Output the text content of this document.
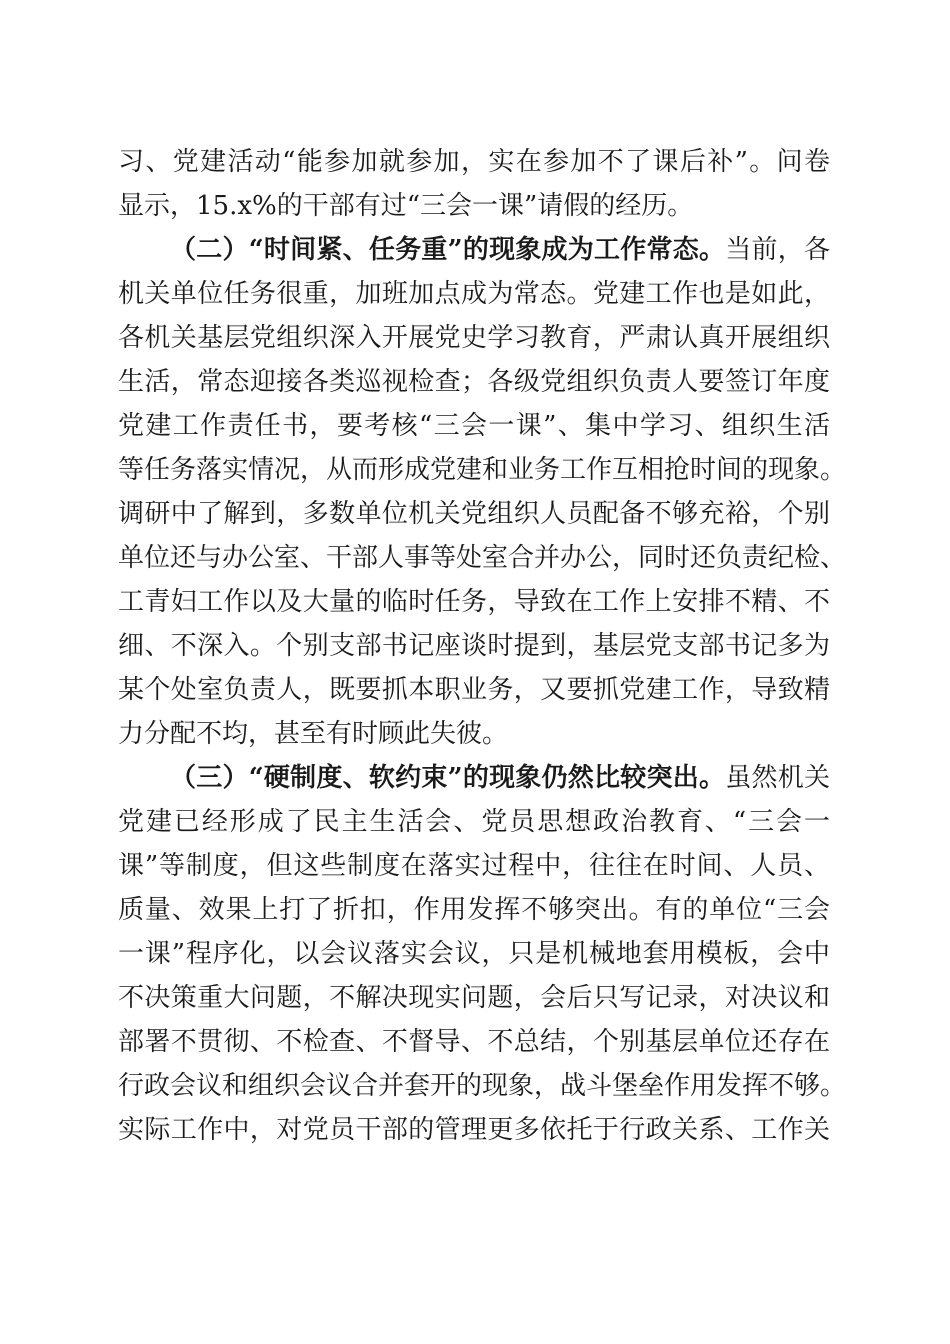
习、党建活动“能参加就参加，实在参加不了课后补”。问卷
显示，15.x%的干部有过“三会一课”请假的经历。
（二）“时间紧、任务重”的现象成为工作常态。当前，各
机关单位任务很重，加班加点成为常态。党建工作也是如此，
各机关基层党组织深入开展党史学习教育，严肃认真开展组织
生活，常态迎接各类巡视检查；各级党组织负责人要签订年度
党建工作责任书，要考核“三会一课”、集中学习、组织生活
等任务落实情况，从而形成党建和业务工作互相抢时间的现象。
调研中了解到，多数单位机关党组织人员配备不够充裕，个别
单位还与办公室、干部人事等处室合并办公，同时还负责纪检、
工青妇工作以及大量的临时任务，导致在工作上安排不精、不
细、不深入。个别支部书记座谈时提到，基层党支部书记多为
某个处室负责人，既要抓本职业务，又要抓党建工作，导致精
力分配不均，甚至有时顾此失彼。
（三）“硬制度、软约束”的现象仍然比较突出。虽然机关
党建已经形成了民主生活会、党员思想政治教育、“三会一
课”等制度，但这些制度在落实过程中，往往在时间、人员、
质量、效果上打了折扣，作用发挥不够突出。有的单位“三会
一课”程序化，以会议落实会议，只是机械地套用模板，会中
不决策重大问题，不解决现实问题，会后只写记录，对决议和
部署不贯彻、不检查、不督导、不总结，个别基层单位还存在
行政会议和组织会议合并套开的现象，战斗堡垒作用发挥不够。
实际工作中，对党员干部的管理更多依托于行政关系、工作关
